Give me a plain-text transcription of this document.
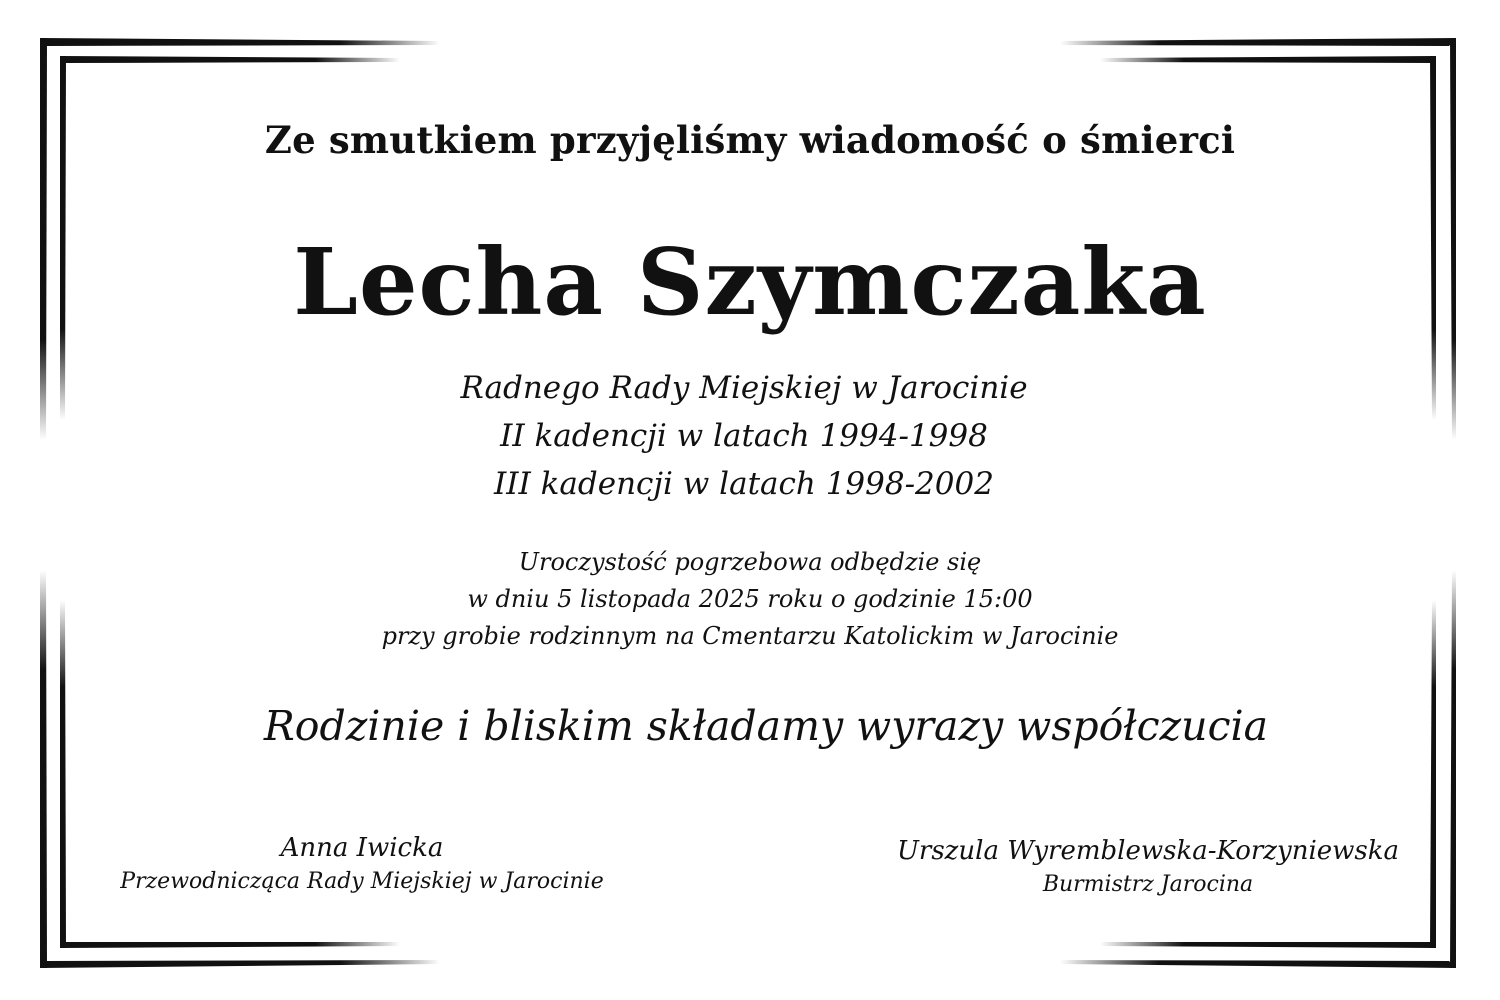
Ze smutkiem przyjęliśmy wiadomość o śmierci

Lecha Szymczaka

Radnego Rady Miejskiej w Jarocinie

II kadencji w latach 1994-1998

III kadencji w latach 1998-2002

Uroczystość pogrzebowa odbędzie się

w dniu 5 listopada 2025 roku o godzinie 15:00

przy grobie rodzinnym na Cmentarzu Katolickim w Jarocinie

Rodzinie i bliskim składamy wyrazy współczucia

Anna Iwicka
Przewodnicząca Rady Miejskiej w Jarocinie
Urszula Wyremblewska-Korzyniewska
Burmistrz Jarocina
